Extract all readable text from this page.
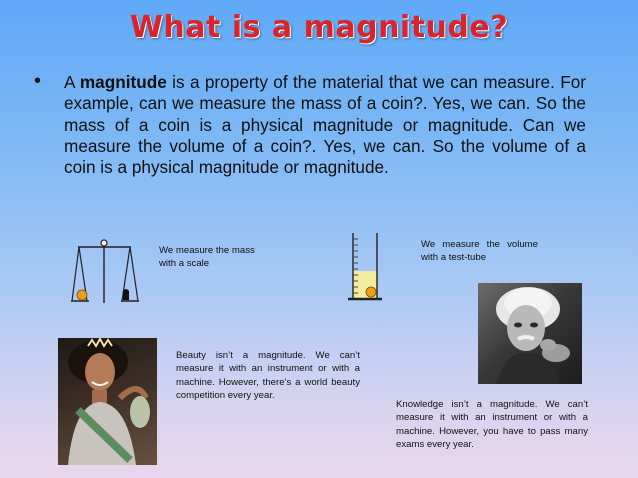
What is a magnitude?
• A magnitude is a property of the material that we can measure. For example, can we measure the mass of a coin?. Yes, we can. So the mass of a coin is a physical magnitude or magnitude. Can we measure the volume of a coin?. Yes, we can. So the volume of a coin is a physical magnitude or magnitude.
We measure the mass with a scale
We measure the volume with a test-tube
Beauty isn’t a magnitude. We can’t measure it with an instrument or with a machine. However, there’s a world beauty competition every year.
Knowledge isn’t a magnitude. We can’t measure it with an instrument or with a machine. However, you have to pass many exams every year.
